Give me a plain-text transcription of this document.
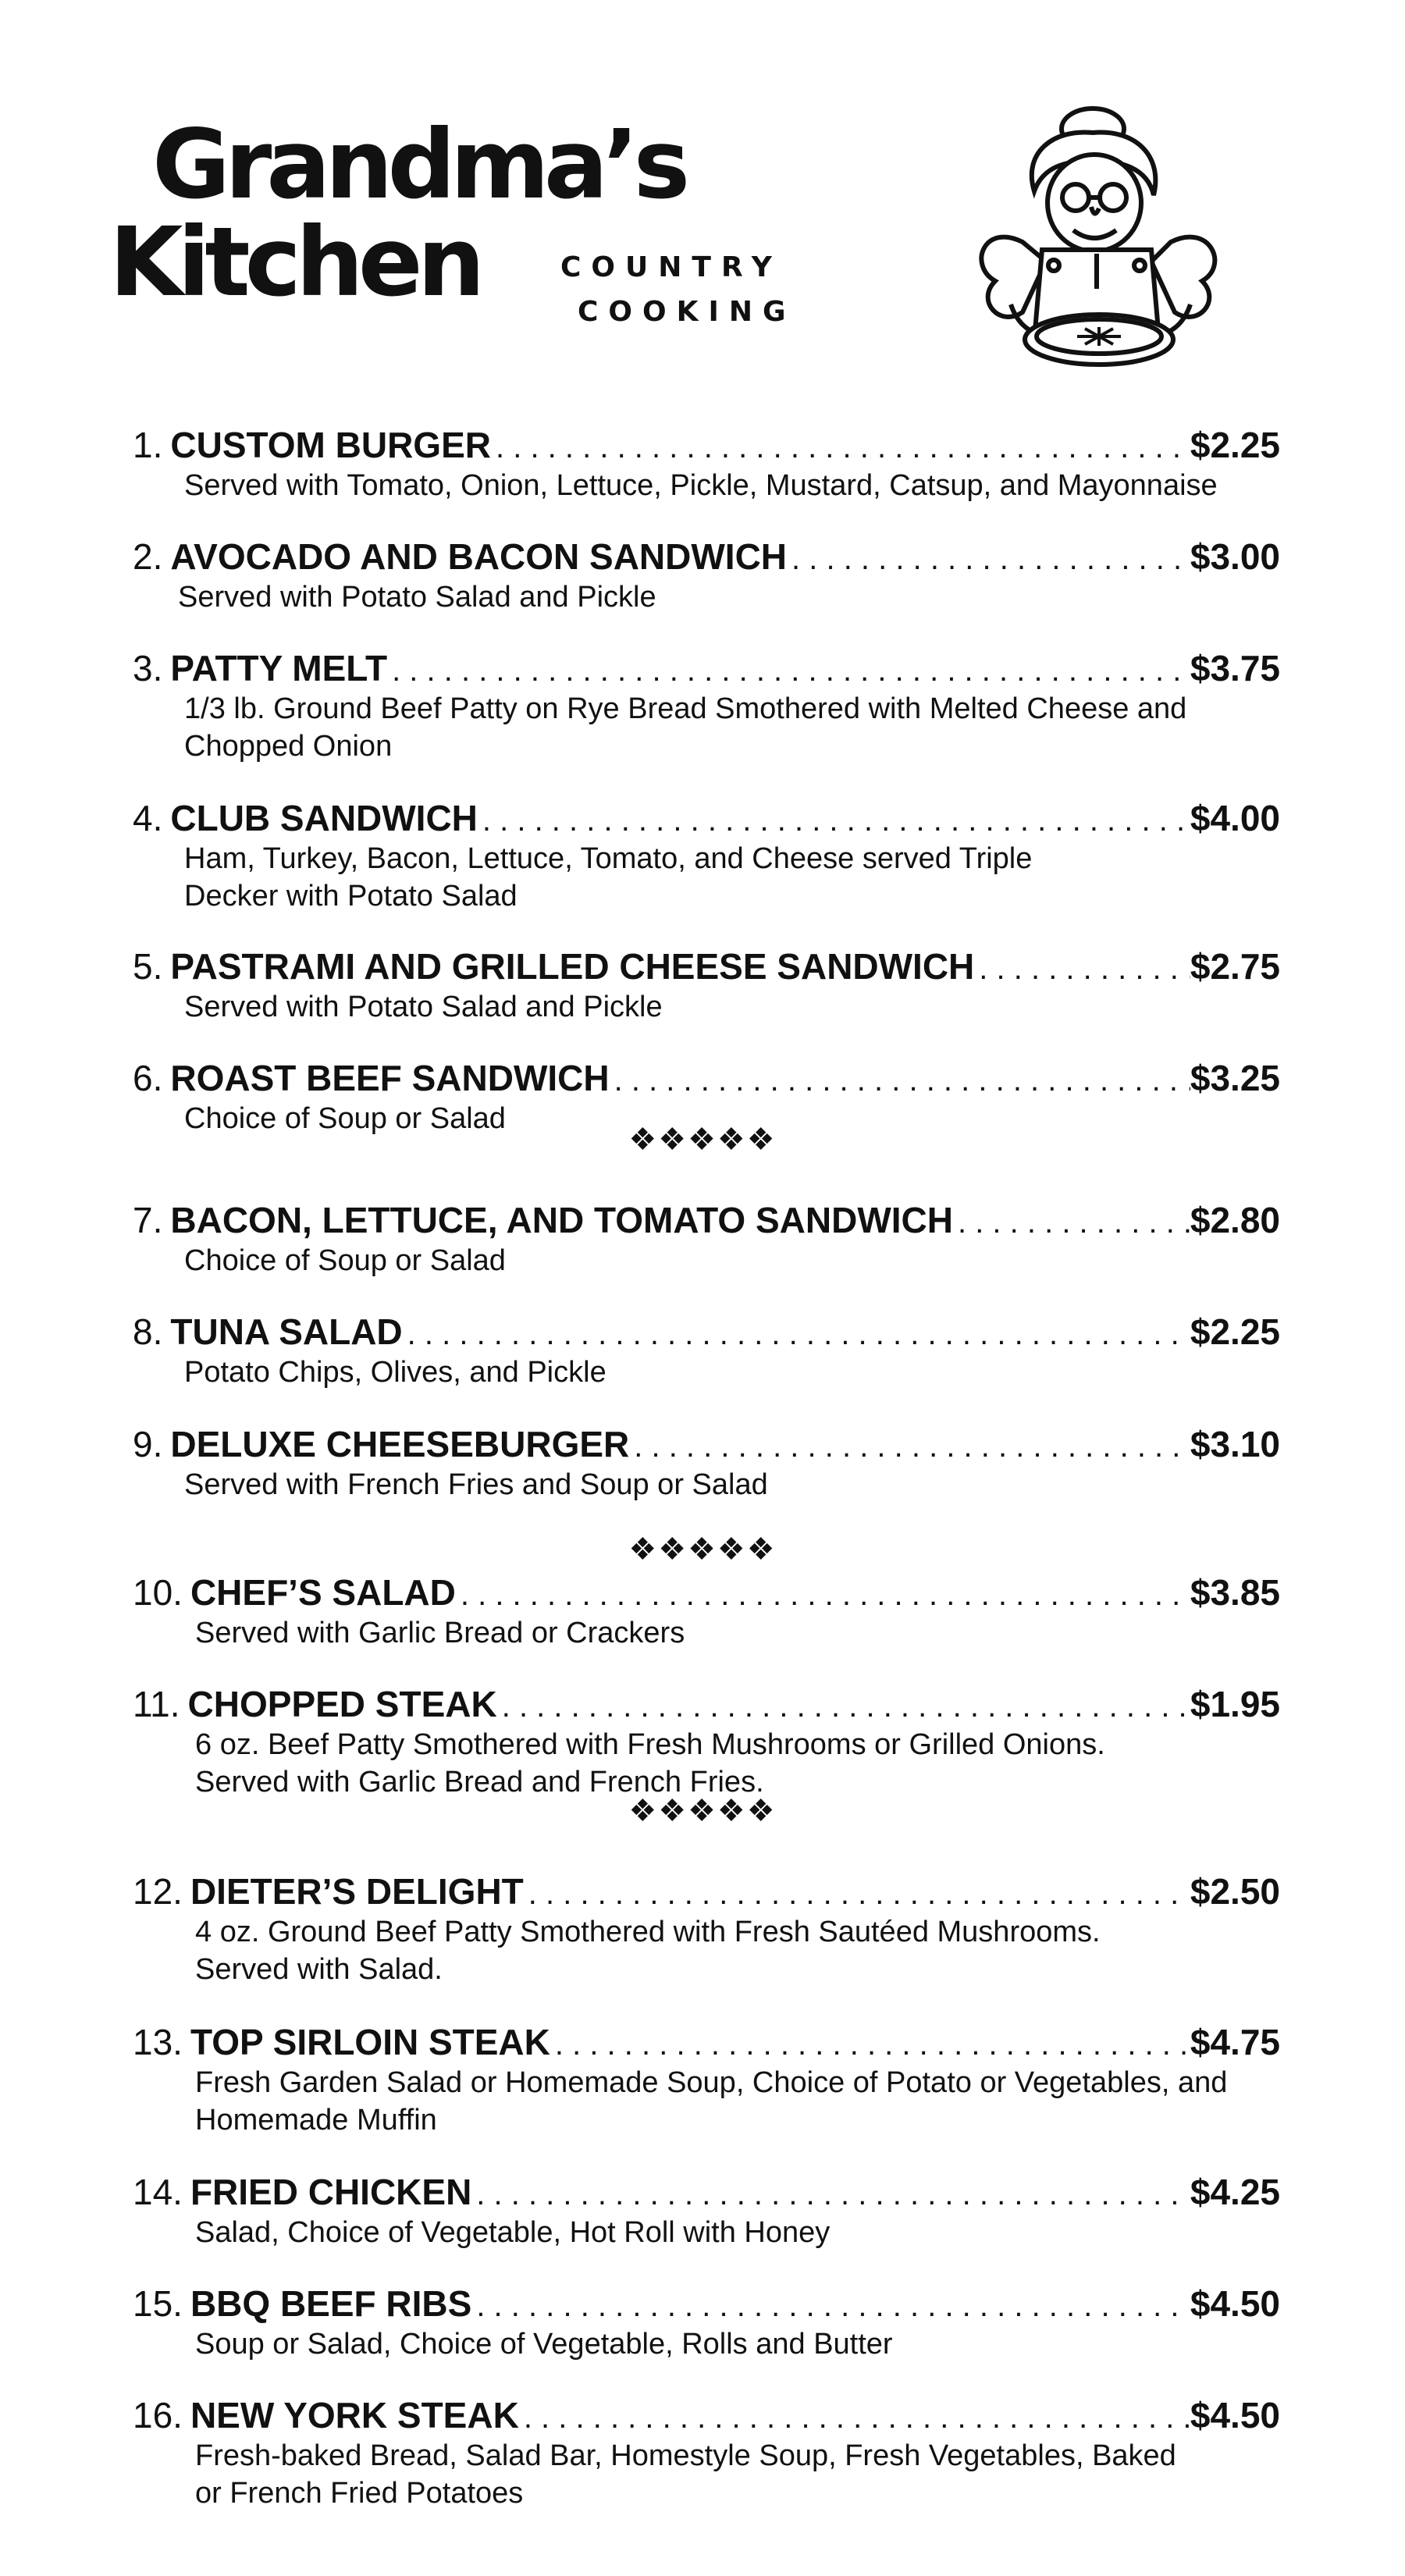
Grandma’s
Kitchen	COUNTRY
COOKING
1. CUSTOM BURGER . . .	$2.25
Served with Tomato, Onion, Lettuce, Pickle, Mustard, Catsup, and Mayonnaise
2. AVOCADO AND BACON SANDWICH . . .	$3.00
Served with Potato Salad and Pickle
3. PATTY MELT . . .	$3.75
1/3 lb. Ground Beef Patty on Rye Bread Smothered with Melted Cheese and Chopped Onion
4. CLUB SANDWICH . . .	$4.00
Ham, Turkey, Bacon, Lettuce, Tomato, and Cheese served Triple Decker with Potato Salad
5. PASTRAMI AND GRILLED CHEESE SANDWICH . . .	$2.75
Served with Potato Salad and Pickle
6. ROAST BEEF SANDWICH . . .	$3.25
Choice of Soup or Salad
❖❖❖❖❖
7. BACON, LETTUCE, AND TOMATO SANDWICH . . .	$2.80
Choice of Soup or Salad
8. TUNA SALAD . . .	$2.25
Potato Chips, Olives, and Pickle
9. DELUXE CHEESEBURGER . . .	$3.10
Served with French Fries and Soup or Salad
❖❖❖❖❖
10. CHEF’S SALAD . . .	$3.85
Served with Garlic Bread or Crackers
11. CHOPPED STEAK . . .	$1.95
6 oz. Beef Patty Smothered with Fresh Mushrooms or Grilled Onions. Served with Garlic Bread and French Fries.
❖❖❖❖❖
12. DIETER’S DELIGHT . . .	$2.50
4 oz. Ground Beef Patty Smothered with Fresh Sautéed Mushrooms. Served with Salad.
13. TOP SIRLOIN STEAK . . .	$4.75
Fresh Garden Salad or Homemade Soup, Choice of Potato or Vegetables, and Homemade Muffin
14. FRIED CHICKEN . . .	$4.25
Salad, Choice of Vegetable, Hot Roll with Honey
15. BBQ BEEF RIBS . . .	$4.50
Soup or Salad, Choice of Vegetable, Rolls and Butter
16. NEW YORK STEAK . . .	$4.50
Fresh-baked Bread, Salad Bar, Homestyle Soup, Fresh Vegetables, Baked or French Fried Potatoes
